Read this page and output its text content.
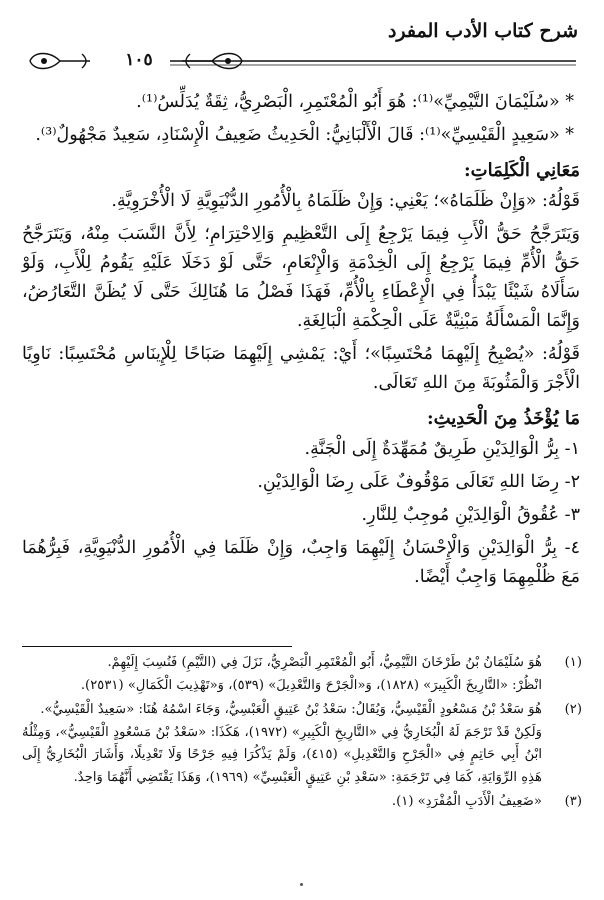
شرح كتاب الأدب المفرد
١٠٥

* «سُلَيْمَانَ التَّيْمِيِّ»⁽¹⁾: هُوَ أَبُو الْمُعْتَمِرِ، الْبَصْرِيُّ، ثِقَةٌ يُدَلِّسُ⁽¹⁾.

* «سَعِيدٍ الْقَيْسِيِّ»⁽¹⁾: قَالَ الْأَلْبَانِيُّ: الْحَدِيثُ ضَعِيفُ الْإِسْنَادِ، سَعِيدٌ مَجْهُولٌ⁽³⁾.

مَعَانِي الْكَلِمَاتِ:

قَوْلُهُ: «وَإِنْ ظَلَمَاهُ»؛ يَعْنِي: وَإِنْ ظَلَمَاهُ بِالْأُمُورِ الدُّنْيَوِيَّةِ لَا الْأُخْرَوِيَّةِ.

وَيَتَرَجَّحُ حَقُّ الْأَبِ فِيمَا يَرْجِعُ إِلَى التَّعْظِيمِ وَالِاحْتِرَامِ؛ لِأَنَّ النَّسَبَ مِنْهُ، وَيَتَرَجَّحُ حَقُّ الْأُمِّ فِيمَا يَرْجِعُ إِلَى الْخِدْمَةِ وَالْإِنْعَامِ، حَتَّى لَوْ دَخَلَا عَلَيْهِ يَقُومُ لِلْأَبِ، وَلَوْ سَأَلَاهُ شَيْئًا يَبْدَأُ فِي الْإِعْطَاءِ بِالْأُمِّ، فَهَذَا فَصْلُ مَا هُنَالِكَ حَتَّى لَا يُظَنَّ التَّعَارُضُ، وَإِنَّمَا الْمَسْأَلَةُ مَبْنِيَّةٌ عَلَى الْحِكْمَةِ الْبَالِغَةِ.

قَوْلُهُ: «يُصْبِحُ إِلَيْهِمَا مُحْتَسِبًا»؛ أَيْ: يَمْشِي إِلَيْهِمَا صَبَاحًا لِلْإِينَاسِ مُحْتَسِبًا: نَاوِيًا الْأَجْرَ وَالْمَثُوبَةَ مِنَ اللهِ تَعَالَى.

مَا يُؤْخَذُ مِنَ الْحَدِيثِ:

١- بِرُّ الْوَالِدَيْنِ طَرِيقٌ مُمَهِّدَةٌ إِلَى الْجَنَّةِ.

٢- رِضَا اللهِ تَعَالَى مَوْقُوفٌ عَلَى رِضَا الْوَالِدَيْنِ.

٣- عُقُوقُ الْوَالِدَيْنِ مُوجِبٌ لِلنَّارِ.

٤- بِرُّ الْوَالِدَيْنِ وَالْإِحْسَانُ إِلَيْهِمَا وَاجِبٌ، وَإِنْ ظَلَمَا فِي الْأُمُورِ الدُّنْيَوِيَّةِ، فَبِرُّهُمَا مَعَ ظُلْمِهِمَا وَاجِبٌ أَيْضًا.

(١)
هُوَ سُلَيْمَانُ بْنُ طَرْخَانَ التَّيْمِيُّ، أَبُو الْمُعْتَمِرِ الْبَصْرِيُّ، نَزَلَ فِي (التَّيْمِ) فَنُسِبَ إِلَيْهِمْ.
انْظُرْ: «التَّارِيخَ الْكَبِيرَ» (١٨٢٨)، وَ«الْجَرْحَ وَالتَّعْدِيلَ» (٥٣٩)، وَ«تَهْذِيبَ الْكَمَالِ» (٢٥٣١).
(٢)
هُوَ سَعْدُ بْنُ مَسْعُودٍ الْقَيْسِيُّ، وَيُقَالُ: سَعْدُ بْنُ عَتِيقٍ الْعَبْسِيُّ، وَجَاءَ اسْمُهُ هُنَا: «سَعِيدٌ الْقَيْسِيُّ».
وَلَكِنْ قَدْ تَرْجَمَ لَهُ الْبُخَارِيُّ فِي «التَّارِيخِ الْكَبِيرِ» (١٩٧٢)، هَكَذَا: «سَعْدُ بْنُ مَسْعُودٍ الْقَيْسِيُّ»، وَمِثْلُهُ ابْنُ أَبِي حَاتِمٍ فِي «الْجَرْحِ وَالتَّعْدِيلِ» (٤١٥)، وَلَمْ يَذْكُرَا فِيهِ جَرْحًا وَلَا تَعْدِيلًا، وَأَشَارَ الْبُخَارِيُّ إِلَى هَذِهِ الرِّوَايَةِ، كَمَا فِي تَرْجَمَةِ: «سَعْدِ بْنِ عَتِيقٍ الْعَبْسِيِّ» (١٩٦٩)، وَهَذَا يَقْتَضِي أَنَّهُمَا وَاحِدٌ.
(٣)
«ضَعِيفُ الْأَدَبِ الْمُفْرَدِ» (١).
